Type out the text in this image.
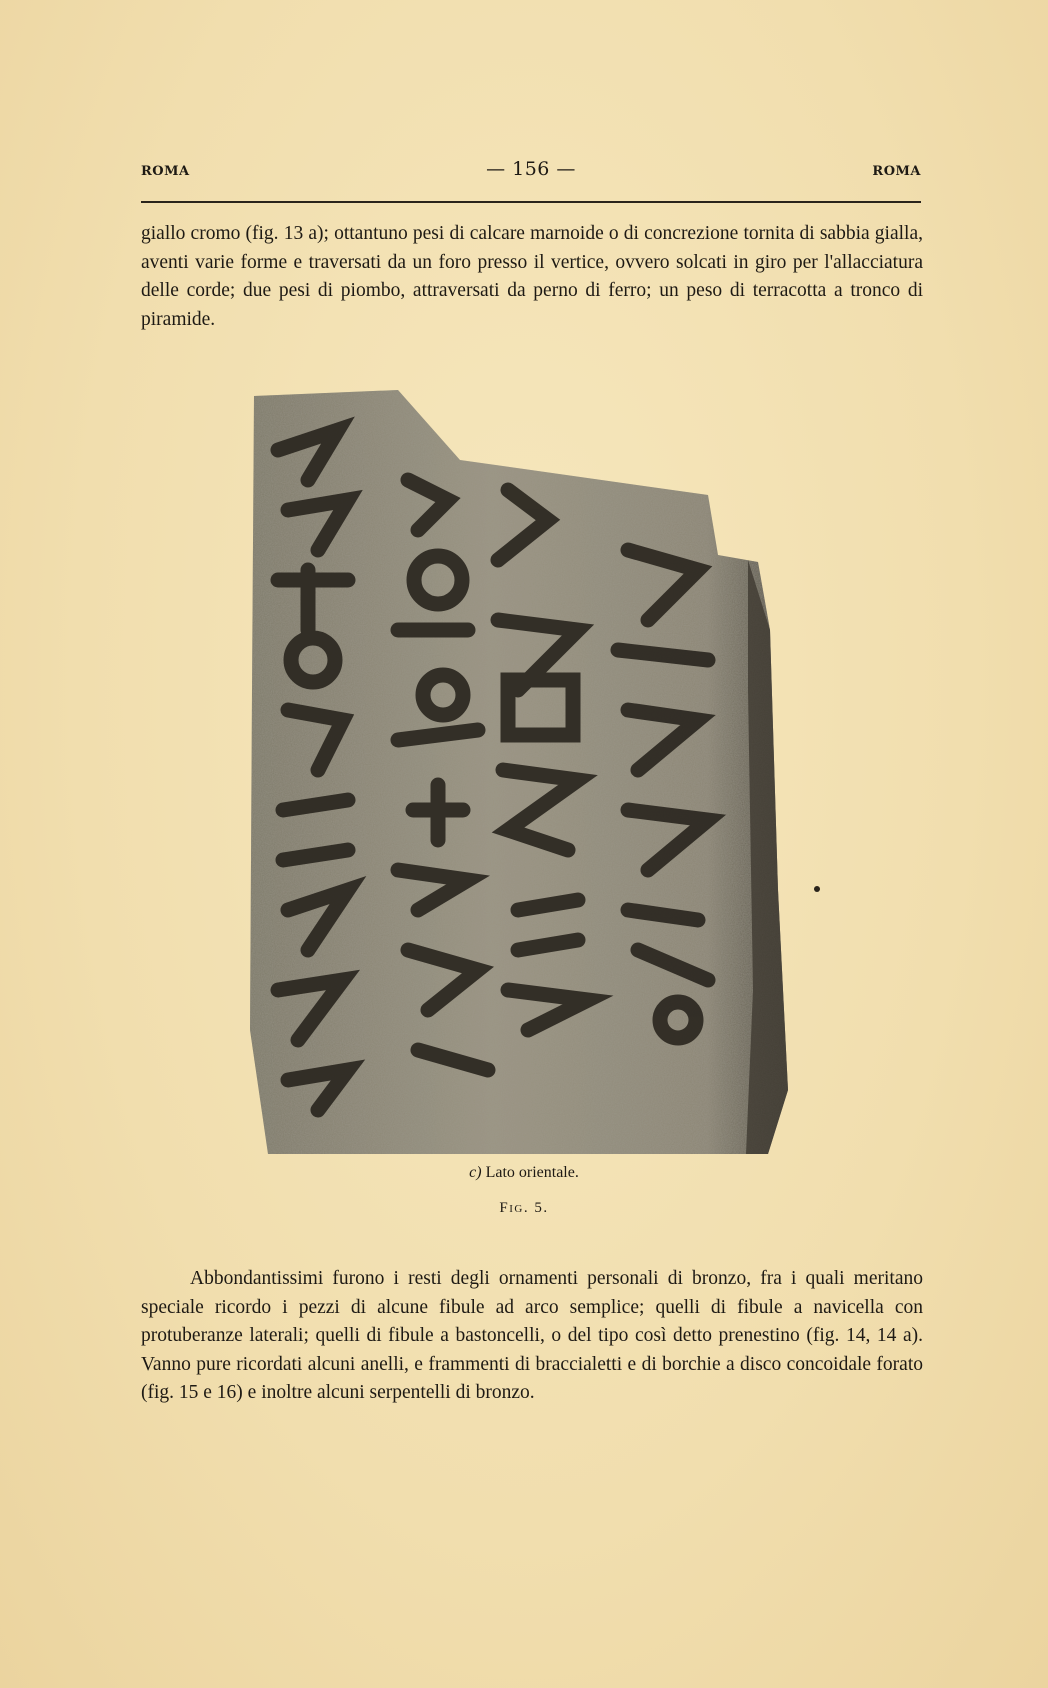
ROMA	— 156 —	ROMA

giallo cromo (fig. 13 a); ottantuno pesi di calcare marnoide o di concrezione tornita di sabbia gialla, aventi varie forme e traversati da un foro presso il vertice, ovvero solcati in giro per l'allacciatura delle corde; due pesi di piombo, attraversati da perno di ferro; un peso di terracotta a tronco di piramide.

c) Lato orientale.
Fig. 5.

Abbondantissimi furono i resti degli ornamenti personali di bronzo, fra i quali meritano speciale ricordo i pezzi di alcune fibule ad arco semplice; quelli di fibule a navicella con protuberanze laterali; quelli di fibule a bastoncelli, o del tipo così detto prenestino (fig. 14, 14 a). Vanno pure ricordati alcuni anelli, e frammenti di braccialetti e di borchie a disco concoidale forato (fig. 15 e 16) e inoltre alcuni serpentelli di bronzo.
